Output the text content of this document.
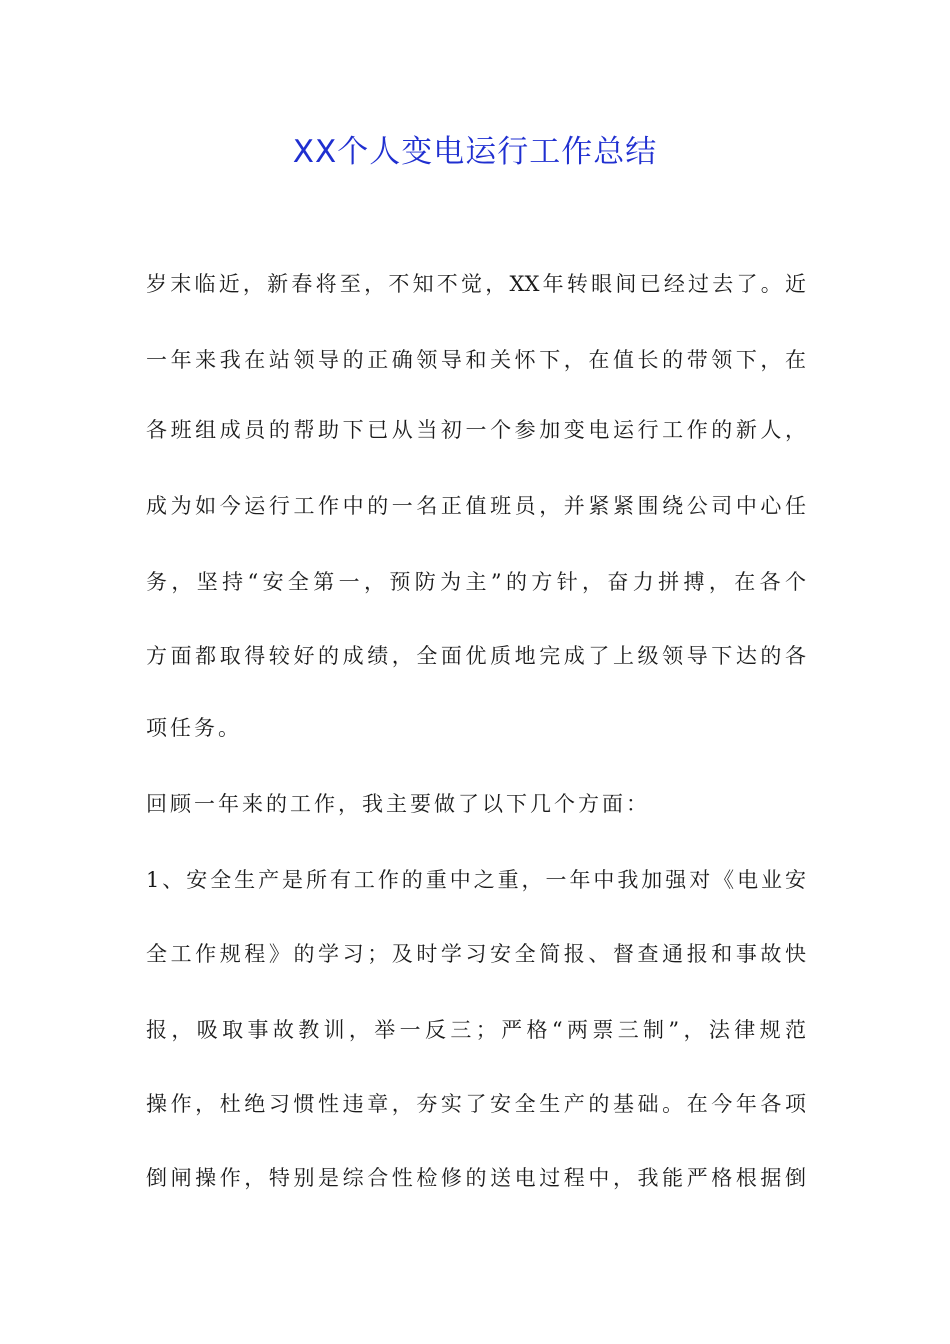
XX个人变电运行工作总结

岁末临近，新春将至，不知不觉，XX年转眼间已经过去了。近

一年来我在站领导的正确领导和关怀下，在值长的带领下，在

各班组成员的帮助下已从当初一个参加变电运行工作的新人，

成为如今运行工作中的一名正值班员，并紧紧围绕公司中心任

务，坚持“安全第一，预防为主”的方针，奋力拼搏，在各个

方面都取得较好的成绩，全面优质地完成了上级领导下达的各

项任务。

回顾一年来的工作，我主要做了以下几个方面：

1、安全生产是所有工作的重中之重，一年中我加强对《电业安

全工作规程》的学习；及时学习安全简报、督查通报和事故快

报，吸取事故教训，举一反三；严格“两票三制”，法律规范

操作，杜绝习惯性违章，夯实了安全生产的基础。在今年各项

倒闸操作，特别是综合性检修的送电过程中，我能严格根据倒
